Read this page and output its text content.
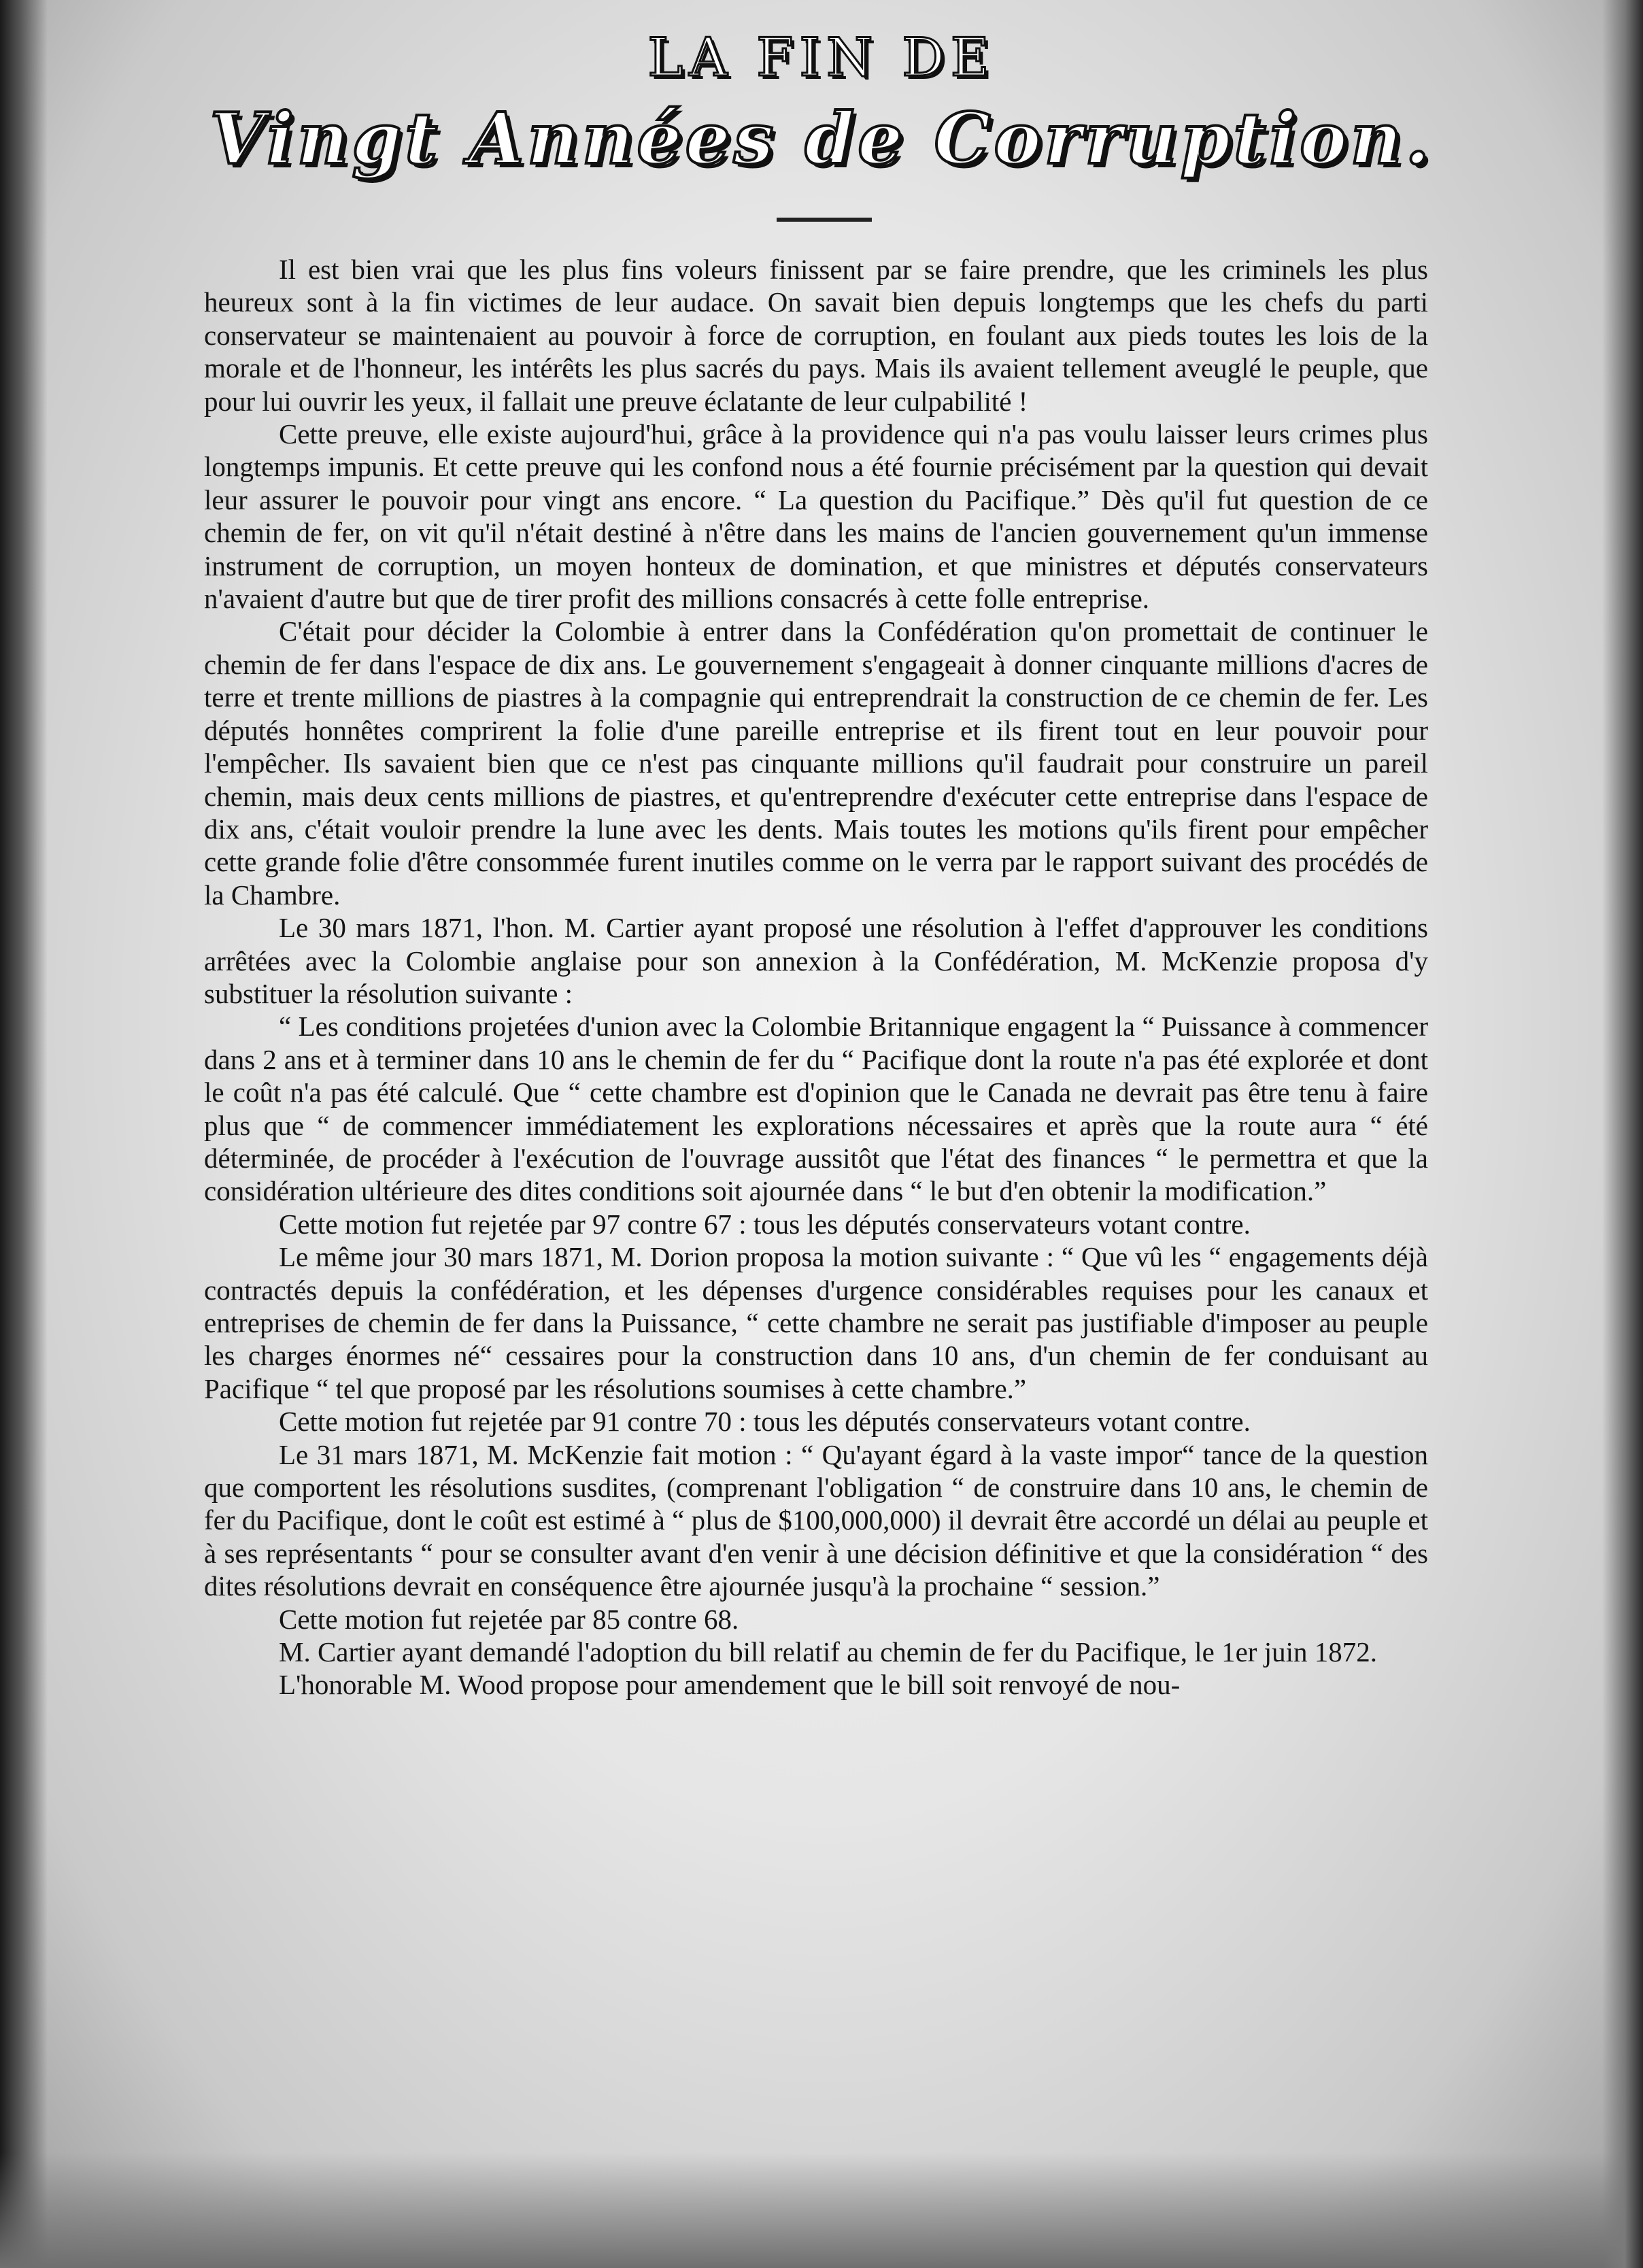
LA FIN DE
Vingt Années de Corruption.

Il est bien vrai que les plus fins voleurs finissent par se faire prendre, que les criminels les plus heureux sont à la fin victimes de leur audace. On savait bien depuis longtemps que les chefs du parti conservateur se maintenaient au pouvoir à force de corruption, en foulant aux pieds toutes les lois de la morale et de l'honneur, les intérêts les plus sacrés du pays. Mais ils avaient tellement aveuglé le peuple, que pour lui ouvrir les yeux, il fallait une preuve éclatante de leur culpabilité !

Cette preuve, elle existe aujourd'hui, grâce à la providence qui n'a pas voulu laisser leurs crimes plus longtemps impunis. Et cette preuve qui les confond nous a été fournie précisément par la question qui devait leur assurer le pouvoir pour vingt ans encore. “ La question du Pacifique.” Dès qu'il fut question de ce chemin de fer, on vit qu'il n'était destiné à n'être dans les mains de l'ancien gouvernement qu'un immense instrument de corruption, un moyen honteux de domination, et que ministres et députés conservateurs n'avaient d'autre but que de tirer profit des millions consacrés à cette folle entreprise.

C'était pour décider la Colombie à entrer dans la Confédération qu'on promettait de continuer le chemin de fer dans l'espace de dix ans. Le gouvernement s'engageait à donner cinquante millions d'acres de terre et trente millions de piastres à la compagnie qui entreprendrait la construction de ce chemin de fer. Les députés honnêtes comprirent la folie d'une pareille entreprise et ils firent tout en leur pouvoir pour l'empêcher. Ils savaient bien que ce n'est pas cinquante millions qu'il faudrait pour construire un pareil chemin, mais deux cents millions de piastres, et qu'entreprendre d'exécuter cette entreprise dans l'espace de dix ans, c'était vouloir prendre la lune avec les dents. Mais toutes les motions qu'ils firent pour empêcher cette grande folie d'être consommée furent inutiles comme on le verra par le rapport suivant des procédés de la Chambre.

Le 30 mars 1871, l'hon. M. Cartier ayant proposé une résolution à l'effet d'approuver les conditions arrêtées avec la Colombie anglaise pour son annexion à la Confédération, M. McKenzie proposa d'y substituer la résolution suivante :

“ Les conditions projetées d'union avec la Colombie Britannique engagent la “ Puissance à commencer dans 2 ans et à terminer dans 10 ans le chemin de fer du “ Pacifique dont la route n'a pas été explorée et dont le coût n'a pas été calculé. Que “ cette chambre est d'opinion que le Canada ne devrait pas être tenu à faire plus que “ de commencer immédiatement les explorations nécessaires et après que la route aura “ été déterminée, de procéder à l'exécution de l'ouvrage aussitôt que l'état des finances “ le permettra et que la considération ultérieure des dites conditions soit ajournée dans “ le but d'en obtenir la modification.”

Cette motion fut rejetée par 97 contre 67 : tous les députés conservateurs votant contre.

Le même jour 30 mars 1871, M. Dorion proposa la motion suivante : “ Que vû les “ engagements déjà contractés depuis la confédération, et les dépenses d'urgence considérables requises pour les canaux et entreprises de chemin de fer dans la Puissance, “ cette chambre ne serait pas justifiable d'imposer au peuple les charges énormes né“ cessaires pour la construction dans 10 ans, d'un chemin de fer conduisant au Pacifique “ tel que proposé par les résolutions soumises à cette chambre.”

Cette motion fut rejetée par 91 contre 70 : tous les députés conservateurs votant contre.

Le 31 mars 1871, M. McKenzie fait motion : “ Qu'ayant égard à la vaste impor“ tance de la question que comportent les résolutions susdites, (comprenant l'obligation “ de construire dans 10 ans, le chemin de fer du Pacifique, dont le coût est estimé à “ plus de $100,000,000) il devrait être accordé un délai au peuple et à ses représentants “ pour se consulter avant d'en venir à une décision définitive et que la considération “ des dites résolutions devrait en conséquence être ajournée jusqu'à la prochaine “ session.”

Cette motion fut rejetée par 85 contre 68.

M. Cartier ayant demandé l'adoption du bill relatif au chemin de fer du Pacifique, le 1er juin 1872.

L'honorable M. Wood propose pour amendement que le bill soit renvoyé de nou-
